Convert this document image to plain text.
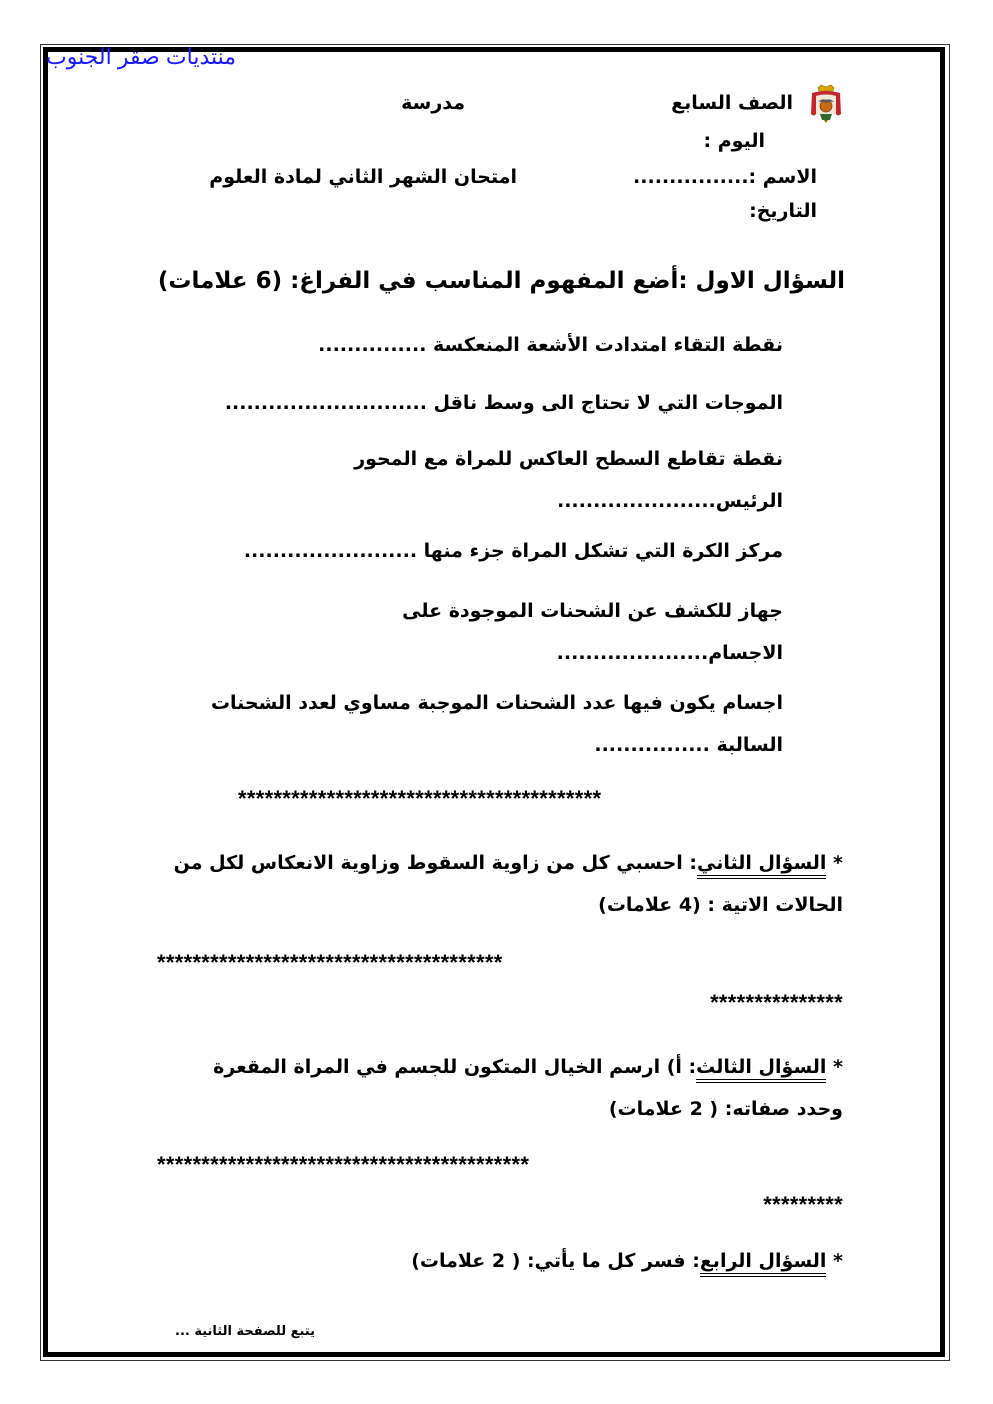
منتديات صقر الجنوب
الصف السابع
مدرسة
اليوم :
الاسم :................
امتحان الشهر الثاني لمادة العلوم
التاريخ:
السؤال الاول :أضع المفهوم المناسب في الفراغ: (6 علامات)
نقطة التقاء امتدادت الأشعة المنعكسة ...............
الموجات التي لا تحتاج الى وسط ناقل ............................
نقطة تقاطع السطح العاكس للمراة مع المحور
الرئيس......................
مركز الكرة التي تشكل المراة جزء منها ........................
جهاز للكشف عن الشحنات الموجودة على
الاجسام.....................
اجسام يكون فيها عدد الشحنات الموجبة مساوي لعدد الشحنات
السالبة ................
*****************************************
* السؤال الثاني: احسبي كل من زاوية السقوط وزاوية الانعكاس لكل من
الحالات الاتية : (4 علامات)
***************************************
***************
* السؤال الثالث: أ) ارسم الخيال المتكون للجسم في المراة المقعرة
وحدد صفاته: ( 2 علامات)
******************************************
*********
* السؤال الرابع: فسر كل ما يأتي: ( 2 علامات)
يتبع للصفحة الثانية ...
